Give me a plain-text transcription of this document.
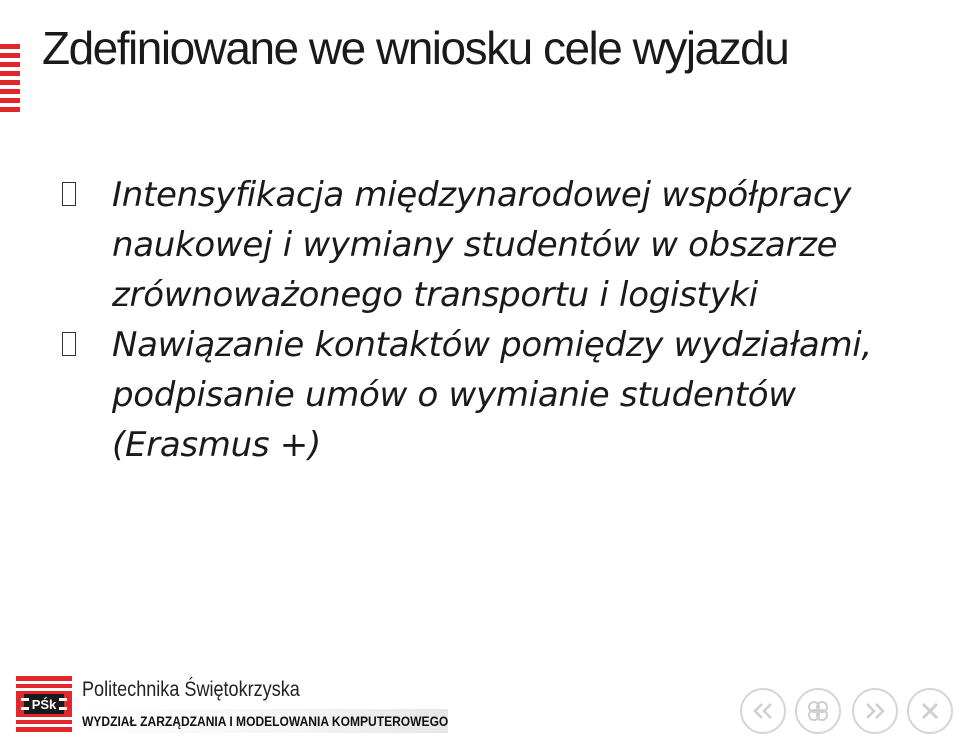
Zdefiniowane we wniosku cele wyjazdu
Intensyfikacja międzynarodowej współpracy naukowej i wymiany studentów w obszarze zrównoważonego transportu i logistyki
Nawiązanie kontaktów pomiędzy wydziałami, podpisanie umów o wymianie studentów (Erasmus +)
PŚk
Politechnika Świętokrzyska
WYDZIAŁ ZARZĄDZANIA I MODELOWANIA KOMPUTEROWEGO
